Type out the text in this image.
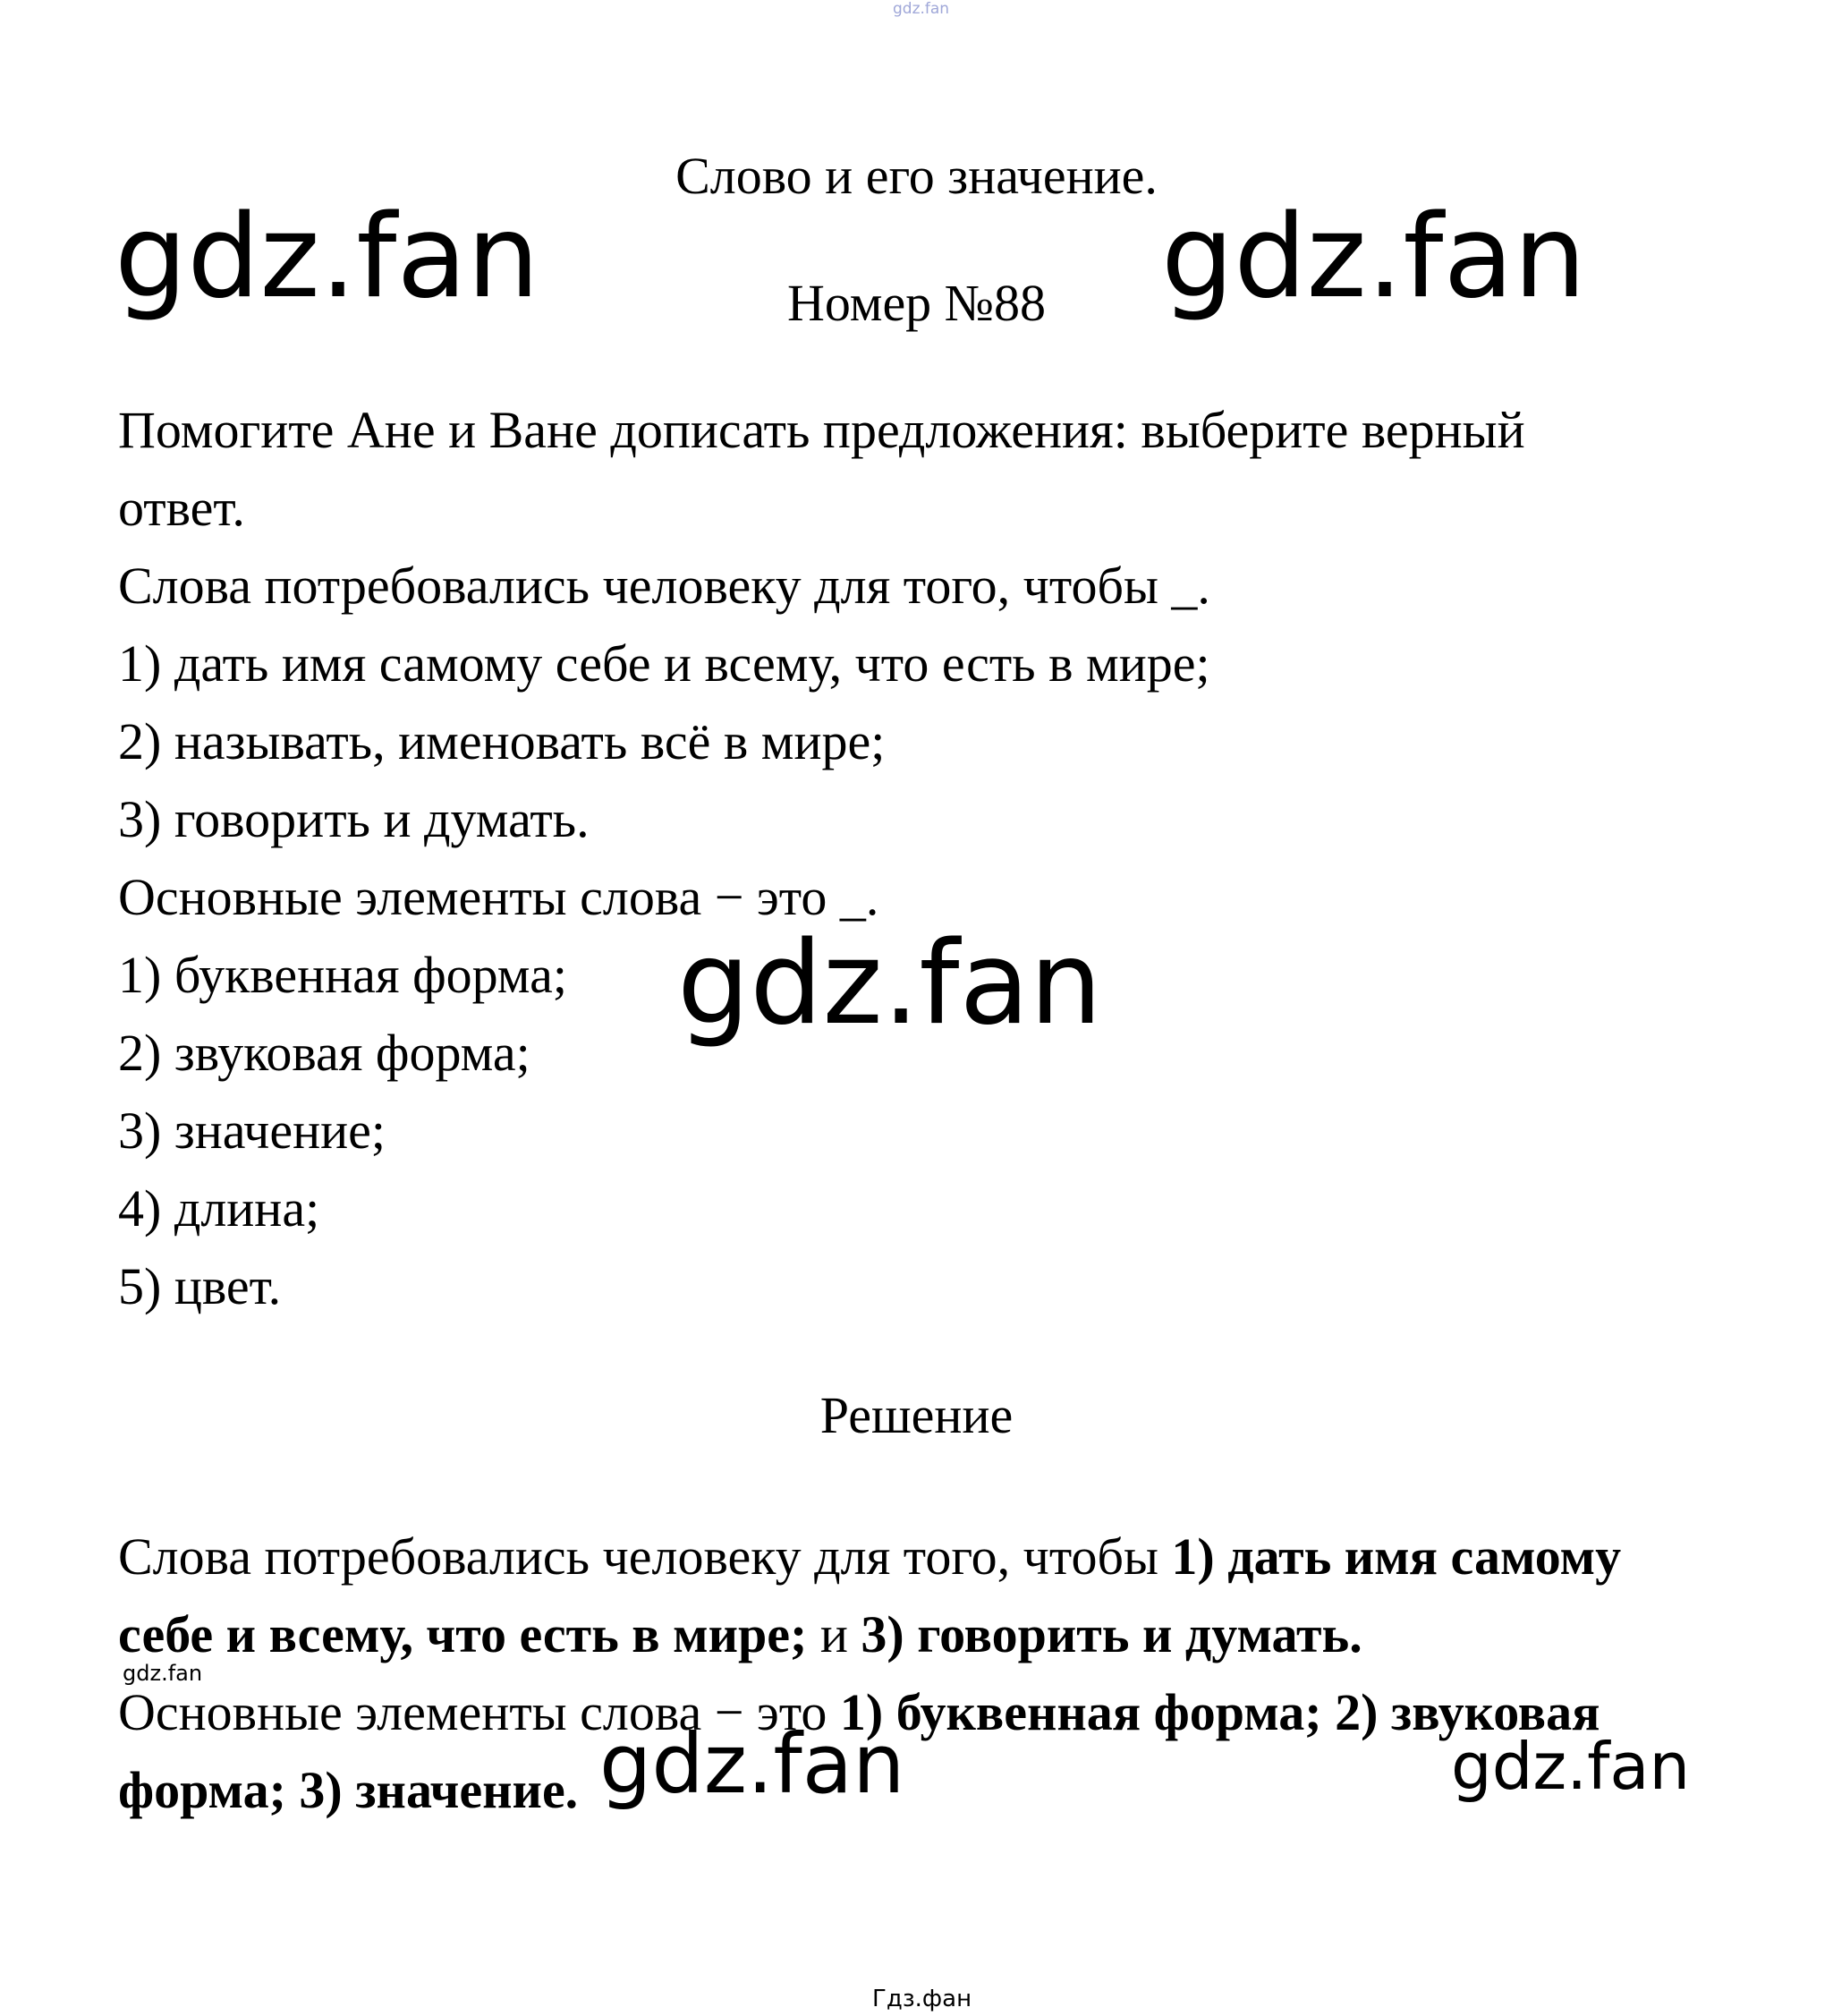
gdz.fan
Слово и его значение.
Номер №88
gdz.fan	gdz.fan
Помогите Ане и Ване дописать предложения: выберите верный
ответ.
Слова потребовались человеку для того, чтобы _.
1) дать имя самому себе и всему, что есть в мире;
2) называть, именовать всё в мире;
3) говорить и думать.
Основные элементы слова − это _.
1) буквенная форма;
2) звуковая форма;
3) значение;
4) длина;
5) цвет.
gdz.fan
Решение
Слова потребовались человеку для того, чтобы 1) дать имя самому
себе и всему, что есть в мире; и 3) говорить и думать.
Основные элементы слова − это 1) буквенная форма; 2) звуковая
форма; 3) значение.
gdz.fan
gdz.fan	gdz.fan
Гдз.фан
